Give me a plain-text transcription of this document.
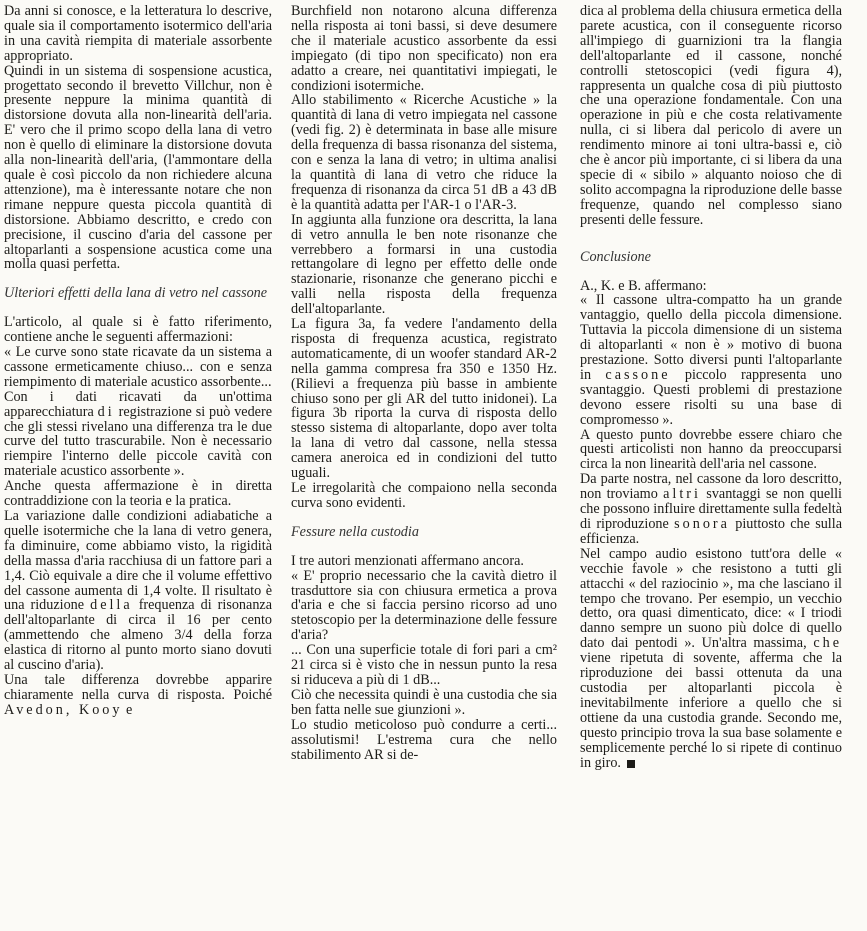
Da anni si conosce, e la letteratura lo descrive, quale sia il comportamento isotermico dell'aria in una cavità riempita di materiale assorbente appropriato.

Quindi in un sistema di sospensione acustica, progettato secondo il brevetto Villchur, non è presente neppure la minima quantità di distorsione dovuta alla non-linearità dell'aria. E' vero che il primo scopo della lana di vetro non è quello di eliminare la distorsione dovuta alla non-linearità dell'aria, (l'ammontare della quale è così piccolo da non richiedere alcuna attenzione), ma è interessante notare che non rimane neppure questa piccola quantità di distorsione. Abbiamo descritto, e credo con precisione, il cuscino d'aria del cassone per altoparlanti a sospensione acustica come una molla quasi perfetta.

Ulteriori effetti della lana di vetro nel cassone

L'articolo, al quale si è fatto riferimento, contiene anche le seguenti affermazioni:

« Le curve sono state ricavate da un sistema a cassone ermeticamente chiuso... con e senza riempimento di materiale acustico assorbente...

Con i dati ricavati da un'ottima apparecchiatura di registrazione si può vedere che gli stessi rivelano una differenza tra le due curve del tutto trascurabile. Non è necessario riempire l'interno delle piccole cavità con materiale acustico assorbente ».

Anche questa affermazione è in diretta contraddizione con la teoria e la pratica.

La variazione dalle condizioni adiabatiche a quelle isotermiche che la lana di vetro genera, fa diminuire, come abbiamo visto, la rigidità della massa d'aria racchiusa di un fattore pari a 1,4. Ciò equivale a dire che il volume effettivo del cassone aumenta di 1,4 volte. Il risultato è una riduzione della frequenza di risonanza dell'altoparlante di circa il 16 per cento (ammettendo che almeno 3/4 della forza elastica di ritorno al punto morto siano dovuti al cuscino d'aria).

Una tale differenza dovrebbe apparire chiaramente nella curva di risposta. Poiché Avedon, Kooy e

Burchfield non notarono alcuna differenza nella risposta ai toni bassi, si deve desumere che il materiale acustico assorbente da essi impiegato (di tipo non specificato) non era adatto a creare, nei quantitativi impiegati, le condizioni isotermiche.

Allo stabilimento « Ricerche Acustiche » la quantità di lana di vetro impiegata nel cassone (vedi fig. 2) è determinata in base alle misure della frequenza di bassa risonanza del sistema, con e senza la lana di vetro; in ultima analisi la quantità di lana di vetro che riduce la frequenza di risonanza da circa 51 dB a 43 dB è la quantità adatta per l'AR-1 o l'AR-3.

In aggiunta alla funzione ora descritta, la lana di vetro annulla le ben note risonanze che verrebbero a formarsi in una custodia rettangolare di legno per effetto delle onde stazionarie, risonanze che generano picchi e valli nella risposta della frequenza dell'altoparlante.

La figura 3a, fa vedere l'andamento della risposta di frequenza acustica, registrato automaticamente, di un woofer standard AR-2 nella gamma compresa fra 350 e 1350 Hz. (Rilievi a frequenza più basse in ambiente chiuso sono per gli AR del tutto inidonei). La figura 3b riporta la curva di risposta dello stesso sistema di altoparlante, dopo aver tolta la lana di vetro dal cassone, nella stessa camera aneroica ed in condizioni del tutto uguali.

Le irregolarità che compaiono nella seconda curva sono evidenti.

Fessure nella custodia

I tre autori menzionati affermano ancora.

« E' proprio necessario che la cavità dietro il trasduttore sia con chiusura ermetica a prova d'aria e che si faccia persino ricorso ad uno stetoscopio per la determinazione delle fessure d'aria?

... Con una superficie totale di fori pari a cm² 21 circa si è visto che in nessun punto la resa si riduceva a più di 1 dB...

Ciò che necessita quindi è una custodia che sia ben fatta nelle sue giunzioni ».

Lo studio meticoloso può condurre a certi... assolutismi! L'estrema cura che nello stabilimento AR si de-

dica al problema della chiusura ermetica della parete acustica, con il conseguente ricorso all'impiego di guarnizioni tra la flangia dell'altoparlante ed il cassone, nonché controlli stetoscopici (vedi figura 4), rappresenta un qualche cosa di più piuttosto che una operazione fondamentale. Con una operazione in più e che costa relativamente nulla, ci si libera dal pericolo di avere un rendimento minore ai toni ultra-bassi e, ciò che è ancor più importante, ci si libera da una specie di « sibilo » alquanto noioso che di solito accompagna la riproduzione delle basse frequenze, quando nel complesso siano presenti delle fessure.

Conclusione

A., K. e B. affermano:

« Il cassone ultra-compatto ha un grande vantaggio, quello della piccola dimensione. Tuttavia la piccola dimensione di un sistema di altoparlanti « non è » motivo di buona prestazione. Sotto diversi punti l'altoparlante in cassone piccolo rappresenta uno svantaggio. Questi problemi di prestazione devono essere risolti su una base di compromesso ».

A questo punto dovrebbe essere chiaro che questi articolisti non hanno da preoccuparsi circa la non linearità dell'aria nel cassone.

Da parte nostra, nel cassone da loro descritto, non troviamo altri svantaggi se non quelli che possono influire direttamente sulla fedeltà di riproduzione sonora piuttosto che sulla efficienza.

Nel campo audio esistono tutt'ora delle « vecchie favole » che resistono a tutti gli attacchi « del raziocinio », ma che lasciano il tempo che trovano. Per esempio, un vecchio detto, ora quasi dimenticato, dice: « I triodi danno sempre un suono più dolce di quello dato dai pentodi ». Un'altra massima, che viene ripetuta di sovente, afferma che la riproduzione dei bassi ottenuta da una custodia per altoparlanti piccola è inevitabilmente inferiore a quello che si ottiene da una custodia grande. Secondo me, questo principio trova la sua base solamente e semplicemente perché lo si ripete di continuo in giro.
